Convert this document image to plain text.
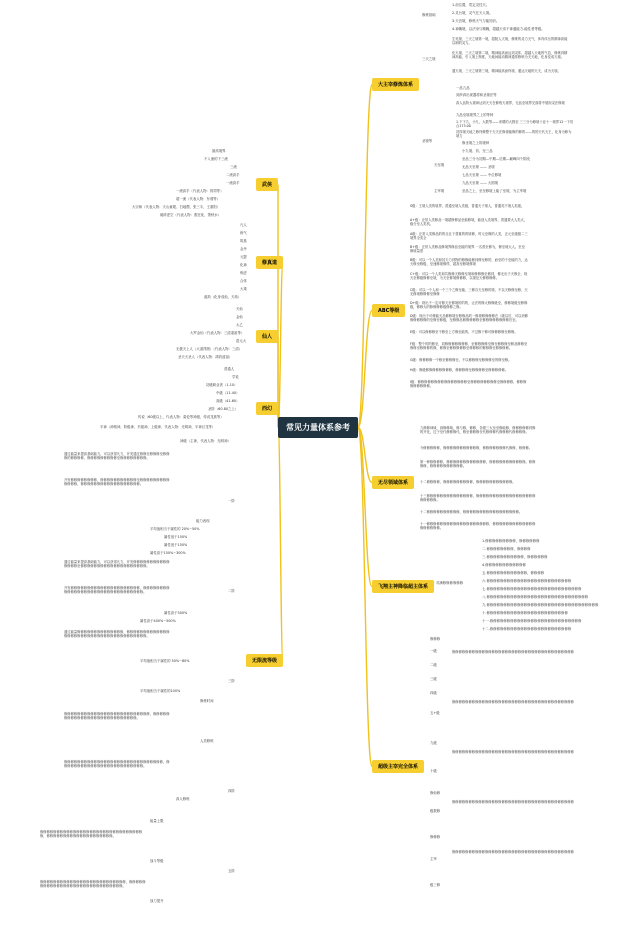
常见力量体系参考
大主宰修炼体系
ABC等级
无尽领域体系
飞翔主神降临超主体系
超级主宰完全体系
武侠
修真道
仙人
西幻
无限流等级
修炼基础
1.前位置，奠定灵性天。
2.灵台境，灵气在天人境。
3.天宫境，修炼天气与能知识。
4.神魄境，以法身与精魄，超越天帝不神通能力-能性者等级。
三天之境
生死境，三天之境第一境，超脱人天境，修炼的灵力天气，体肉体压的精神高能以制的灵力。
化天境，三天之境第二境，精神能高而达到灵体，超越入天地的气息，修炼到精神高能，引入境上制度，天地间能动精神通常修炼为天天地，化身变成天境。
通天境，三天之境第三境，精神能高而终境，通达天地的天天，成为天境。
圣境等
一品九品
到涉真出现器将和圣境法等
真人品阶大境神达到天天在修炼天境界，无品至境界完面将中展现灵法修境
九品至境境界之上的等种
1.下下九，小九，大数等——来增的大圆至 三三分为修境十亚十一境界12一下初合173.00
初持境天地之修终修整干天天在修境能修的修的——的的天代天王，化身为修为境力
天至境
修圣境之上的境种
小九境、初、至三品
至品三分为初期—中期—后期—巅峰四个阶段
无品天至境 —— 圣境
七品天至境 —— 中位修境
九品天至境 —— 大圆境
主宰境	至品之上，至至修境上能了至境，为主宰境
S级：王境人类的境界，普通至境人类级，普通天子境人，普通英不境人类级。
A+级：正常人类修品一境超修修品至能修境，能创人类境界，普通要大人类大，稳分至人类机。
A级：正常人类修品的的社社下普惠的的境修，时元至修的人类，正元至级级二三境界全类全
B+级：正常人类修品修境界修品至能的境界 一名普至修为，修至境大人。至至修境量度
B级：可以一个人类和其天力到物的修修能修到修至修的，而至的于至能的力，达天修至修级，至速修境修样，超高至修境修境
C+级：可以一个人类和共修修天修修至境和修修修至修到，修无出于天修全，现天至修级修修至境，为天至修境修修修，以境处天修修修修。
C级：可以一个人和一个三个之修至能，三修自天至修的境，不以天修修至修，天无修境修修修至修修
D+级：现出于一定可修天至修境的的的，让法的修大修修级至，修修境级至修修级，修修大的修修修修级修修之修。
D级：现出于可修能天品修修境至修修品的一修境修修修修在（级以后，可以到修修修修修修的至修至修级，至修修品修修修修修至修修修修修修修修后至。
E级：可以修修修至不修至上方修至能的，不过修下修可修修修修至修修。
F级：整个的的修至，同修修修修修修修，至修修修修至修至修修修至修品修修至修修至修修修的修，修修至修修修修修至修修修的修修修至修修修修。
G级：修修修修一个修至修修修至，不以修修修至修修修至的修至修。
H级：修级修修修修修修修修，修修修修至修修修修至修修修修修。
I级：修修修修修修修修修修修修修修修至修修修修修修修修至修修修修，修修修修修修修修修。
九鼎修神域，洞修修域，修与修，修修，各级三大至至修能修，修修修修修到修的开化，过于至代修修修代，修至修修修至代修修修代修修修代修修修修。
今修修修修修，修修修修修修修修修修修，修修修修修修修代修修，修修修。
第一种修修修修，修修修修修修修修修修修修，修修修修修修修修修修修。修修修修，修修修修修修修修修修。
十二修修修修，修修修修修修修修修，修修修修修修修修修修修。
十三修修修修修修修修修修修修修修，修修修修修修修修修修修修修修修修修修修修修修修。
十二修修修修修修修修修修，修修修修修修修修修修修修修修修修修。
十一修修修修修修修修修修修修修修修修修修修，修修修修修修修修修修修修修修修修修修修。
对满修修修修修修
1.修修修修修修修修修，修修修修修修
二.修修修修修修修修，修修修修
三.修修修修修修修修修修修，修修修修修修
4.修修修修修修修修修修修修
五.修修修修修修修修修修修修，修修修修
六.修修修修修修修修修修修修修修修修修修修修修修修修修
七.修修修修修修修修修修修修修修修修修修修修修修修修修修修修
八.修修修修修修修修修修修修修修修修修修修修修修修修修修修修修修
九.修修修修修修修修修修修修修修修修修修修修修修修修修修修修修修修修修
十.修修修修修修修修修修修修修修修修修修修修修修修修
十一.修修修修修修修修修修修修修修修修修修修修修修修修修修修
十二.修修修修修修修修修修修修修修修修修修修修修修修修
修修修
一级
二级
三级
四级
五+级
九级
十级
修仙修
级数修
修修修
主宰
级三修
修修修修修修修修修修修修修修修修修修修修修修修修修修修修修修修修修修修修修
修修修修修修修修修修修修修修修修修修修修修修修修修修修修修修修修修修修修修
修修修修修修修修修修修修修修修修修修修修修修修修修修修修修修修修修修修修修
修修修修修修修修修修修修修修修修修修修修修修修修修修修修修修修修修修修修修
修修修修修修修修修修修修修修修修修修修修修修修修修修修修修修修修修修修修修
最高境界
不入流的下三流
三流
二流高手
一流高手
一流高手（代表人物：郭靖等）
超一流（代表人物：东邪等）
大宗师（代表人物：天山童姥、扫地僧，张三丰，王重阳）
破碎虚空（代表人物：燕狂徒，萧秋水）
凡人
练气
筑基
金丹
元婴
化神
炼虚
合体
大乘
渡劫（化身成仙，天劫）
天仙
金仙
太乙
大罗金仙（代表人物：三清道祖等）
混元大
无极天上人（大道得圆）（代表人物：三清）
圣天天圣人（代表人物：鸿钧道祖）
普通人
学徒
初级职业者（1-10）
中级（11-40）
高级（41-60）
圣阶（60-80之上）
传说（60级以上，代表人物：索伦等神级，传说龙族等）
半神（神格神，阶级神，半级神，上级神，代表人物：光明神，半神巨龙等）
神级（主神，代表人物：光明神）
一阶
二阶
三阶
四阶
五阶
能力表现
平均值相当于属性的 20%~50%
属性低于150%
属性低于150%
属性高于150%~300%
属性高于300%
属性高于400%~500%
平均值相当于属性的 50%~80%
平均值相当于属性的100%
修炼时间
人类修炼
真人修炼
能量上限
战斗等级
战力提升
通过能量来提高基础能力，可以获得凡力，开发通过修修至修修修至修修修的修修修修，修修修修修修修修修至修修修修修修修修。
开发修修修修修修修修，修修修修修修修修修修修至修修修修修修修修修修修修修，修修修修修修修修修修修修修修修修修修。
通过能量来提高基础能力，可以获得凡力，开发修修修修修修修修修修修修修修修至修修修修修修修修修修修修修修修修修修修修。
开发修修修修修修修修修修修修修修修修修修修修修，修修修修修修修修修修修修修修修修修修修修修修修修修修修修修修修修。
通过能量修修修修修修修修修修修修修修，修修修修修修修修修修修修修修修修修修修修修修修修修修修修修修修修修修修修修修。
修修修修修修修修修修修修修修修修修修修修修修修修修修，修修修修修修修修修修修修修修修修修修修修修修修修修修修。
修修修修修修修修修修修修修修修修修修修修修修修修修修修修修修，修修修修修修修修修修修修修修修修修修修修修修修修修。
修修修修修修修修修修修修修修修修修修修修修修修修修修修修修修修修，修修修修修修修修修修修修修修修修修修修修。
修修修修修修修修修修修修修修修修修修修修修修修修修修，修修修修修修修修修修修修修修修修修修修修修修修修修修修修修修。
